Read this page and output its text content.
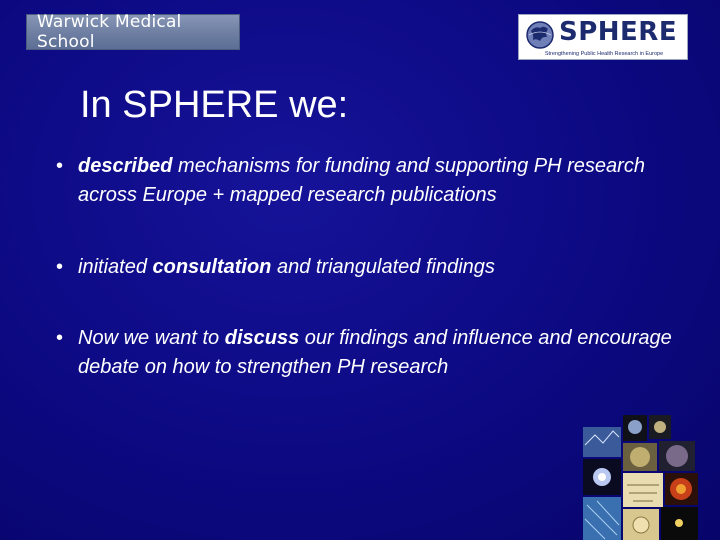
Warwick Medical School	SPHERE
Strengthening Public Health Research in Europe
In SPHERE we:
• described mechanisms for funding and supporting PH research across Europe + mapped research publications
• initiated consultation and triangulated findings
• Now we want to discuss our findings and influence and encourage debate on how to strengthen PH research
